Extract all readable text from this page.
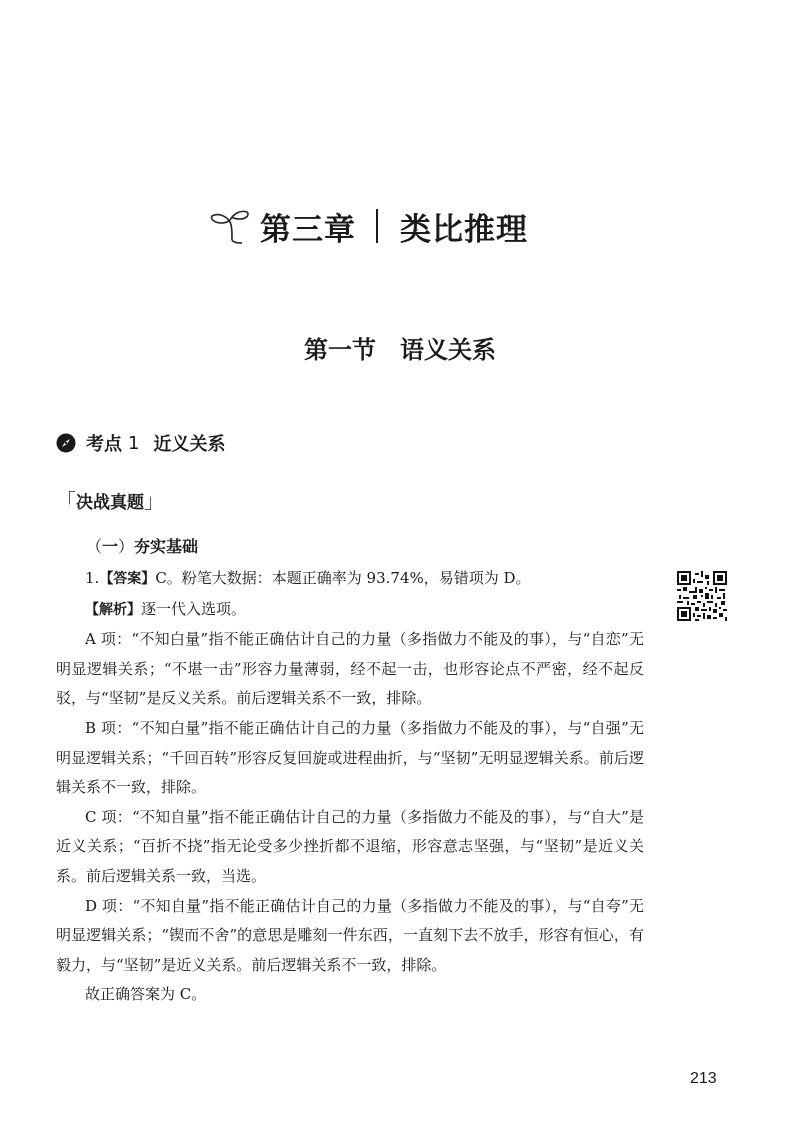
第三章 类比推理
第一节 语义关系
考点 1 近义关系
「决战真题」
（一）夯实基础

1.【答案】C。粉笔大数据：本题正确率为 93.74%，易错项为 D。

【解析】逐一代入选项。

A 项：“不知白量”指不能正确估计自己的力量（多指做力不能及的事），与“自恋”无明显逻辑关系；“不堪一击”形容力量薄弱，经不起一击，也形容论点不严密，经不起反驳，与“坚韧”是反义关系。前后逻辑关系不一致，排除。

B 项：“不知白量”指不能正确估计自己的力量（多指做力不能及的事），与“自强”无明显逻辑关系；“千回百转”形容反复回旋或进程曲折，与“坚韧”无明显逻辑关系。前后逻辑关系不一致，排除。

C 项：“不知自量”指不能正确估计自己的力量（多指做力不能及的事），与“自大”是近义关系；“百折不挠”指无论受多少挫折都不退缩，形容意志坚强，与“坚韧”是近义关系。前后逻辑关系一致，当选。

D 项：“不知自量”指不能正确估计自己的力量（多指做力不能及的事），与“自夸”无明显逻辑关系；“锲而不舍”的意思是雕刻一件东西，一直刻下去不放手，形容有恒心，有毅力，与“坚韧”是近义关系。前后逻辑关系不一致，排除。

故正确答案为 C。

213
